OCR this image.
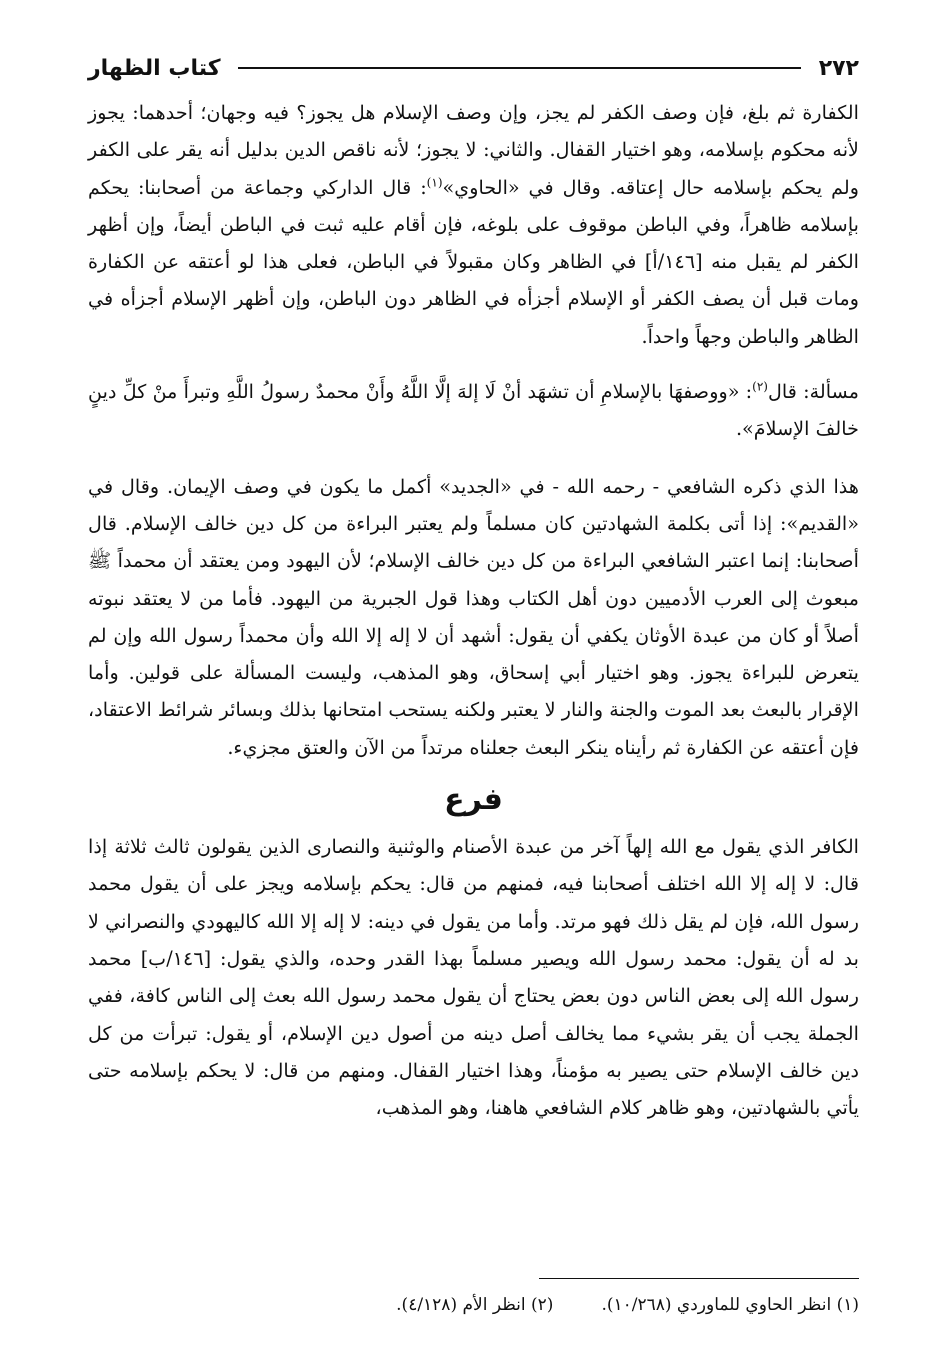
٢٧٢
كتاب الظهار

الكفارة ثم بلغ، فإن وصف الكفر لم يجز، وإن وصف الإسلام هل يجوز؟ فيه وجهان؛ أحدهما: يجوز لأنه محكوم بإسلامه، وهو اختيار القفال. والثاني: لا يجوز؛ لأنه ناقص الدين بدليل أنه يقر على الكفر ولم يحكم بإسلامه حال إعتاقه. وقال في «الحاوي»$^{(١)}$: قال الداركي وجماعة من أصحابنا: يحكم بإسلامه ظاهراً، وفي الباطن موقوف على بلوغه، فإن أقام عليه ثبت في الباطن أيضاً، وإن أظهر الكفر لم يقبل منه [١٤٦/أ] في الظاهر وكان مقبولاً في الباطن، فعلى هذا لو أعتقه عن الكفارة ومات قبل أن يصف الكفر أو الإسلام أجزأه في الظاهر دون الباطن، وإن أظهر الإسلام أجزأه في الظاهر والباطن وجهاً واحداً.

مسألة: قال$^{(٢)}$: «ووصفهَا بالإسلامِ أن تشهَد أنْ لَا إلهَ إلَّا اللَّهُ وأَنْ محمدٌ رسولُ اللَّهِ وتبرأَ منْ كلِّ دينٍ خالفَ الإسلامَ».

هذا الذي ذكره الشافعي - رحمه الله - في «الجديد» أكمل ما يكون في وصف الإيمان. وقال في «القديم»: إذا أتى بكلمة الشهادتين كان مسلماً ولم يعتبر البراءة من كل دين خالف الإسلام. قال أصحابنا: إنما اعتبر الشافعي البراءة من كل دين خالف الإسلام؛ لأن اليهود ومن يعتقد أن محمداً ﷺ مبعوث إلى العرب الأدميين دون أهل الكتاب وهذا قول الجبرية من اليهود. فأما من لا يعتقد نبوته أصلاً أو كان من عبدة الأوثان يكفي أن يقول: أشهد أن لا إله إلا الله وأن محمداً رسول الله وإن لم يتعرض للبراءة يجوز. وهو اختيار أبي إسحاق، وهو المذهب، وليست المسألة على قولين. وأما الإقرار بالبعث بعد الموت والجنة والنار لا يعتبر ولكنه يستحب امتحانها بذلك وبسائر شرائط الاعتقاد، فإن أعتقه عن الكفارة ثم رأيناه ينكر البعث جعلناه مرتداً من الآن والعتق مجزيء.

فرع

الكافر الذي يقول مع الله إلهاً آخر من عبدة الأصنام والوثنية والنصارى الذين يقولون ثالث ثلاثة إذا قال: لا إله إلا الله اختلف أصحابنا فيه، فمنهم من قال: يحكم بإسلامه ويجز على أن يقول محمد رسول الله، فإن لم يقل ذلك فهو مرتد. وأما من يقول في دينه: لا إله إلا الله كاليهودي والنصراني لا بد له أن يقول: محمد رسول الله ويصير مسلماً بهذا القدر وحده، والذي يقول: [١٤٦/ب] محمد رسول الله إلى بعض الناس دون بعض يحتاج أن يقول محمد رسول الله بعث إلى الناس كافة، ففي الجملة يجب أن يقر بشيء مما يخالف أصل دينه من أصول دين الإسلام، أو يقول: تبرأت من كل دين خالف الإسلام حتى يصير به مؤمناً، وهذا اختيار القفال. ومنهم من قال: لا يحكم بإسلامه حتى يأتي بالشهادتين، وهو ظاهر كلام الشافعي هاهنا، وهو المذهب،

(١) انظر الحاوي للماوردي (١٠/٢٦٨).
(٢) انظر الأم (٤/١٢٨).
